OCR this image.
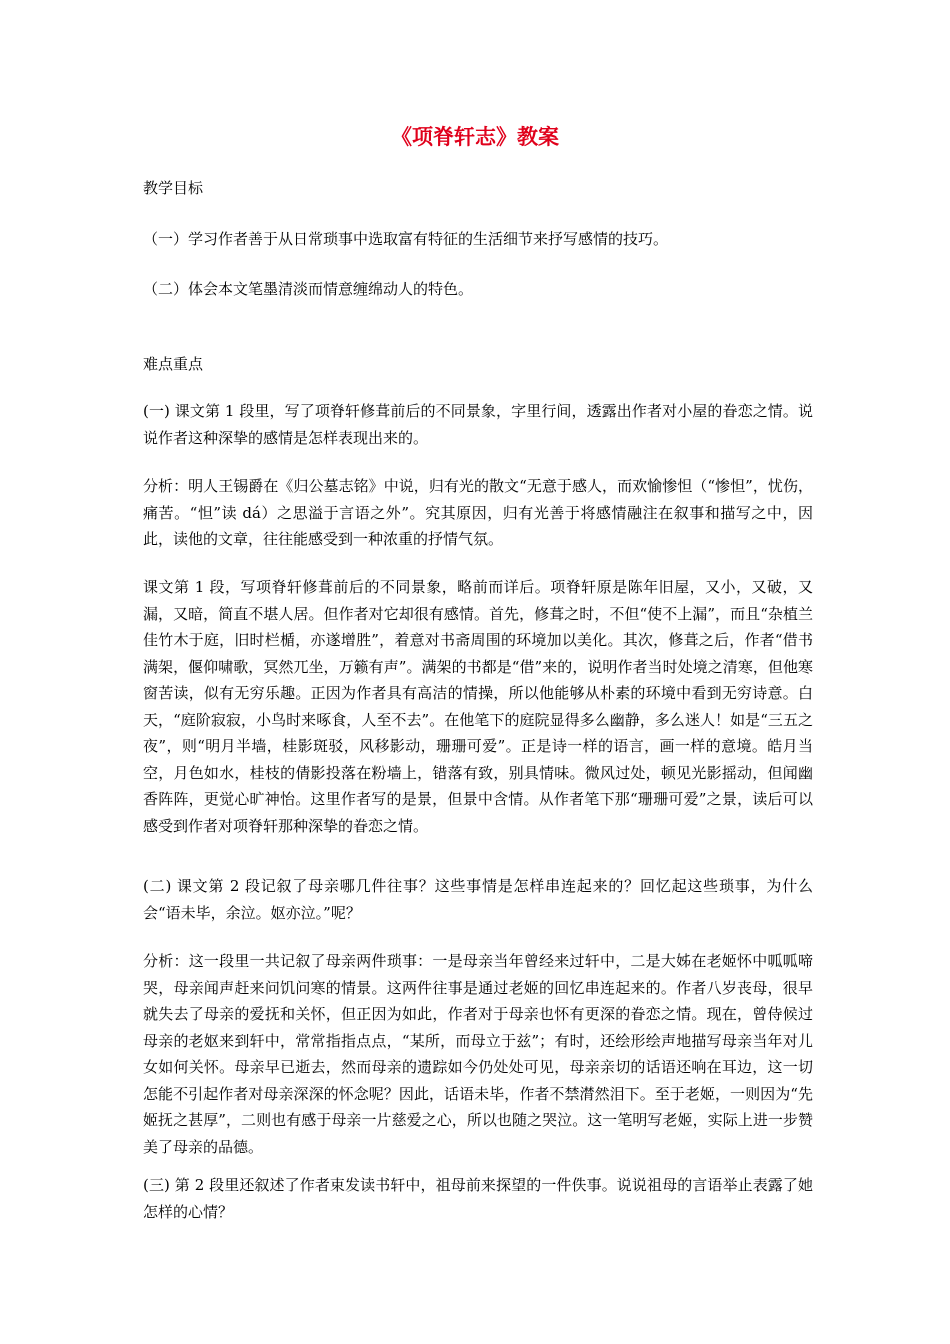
《项脊轩志》教案

教学目标

（一）学习作者善于从日常琐事中选取富有特征的生活细节来抒写感情的技巧。

（二）体会本文笔墨清淡而情意缠绵动人的特色。

难点重点

(一) 课文第 1 段里，写了项脊轩修葺前后的不同景象，字里行间，透露出作者对小屋的眷恋之情。说说作者这种深挚的感情是怎样表现出来的。

分析：明人王锡爵在《归公墓志铭》中说，归有光的散文“无意于感人，而欢愉惨怛（“惨怛”，忧伤，痛苦。“怛”读 dá）之思溢于言语之外”。究其原因，归有光善于将感情融注在叙事和描写之中，因此，读他的文章，往往能感受到一种浓重的抒情气氛。

课文第 1 段，写项脊轩修葺前后的不同景象，略前而详后。项脊轩原是陈年旧屋，又小，又破，又漏，又暗，简直不堪人居。但作者对它却很有感情。首先，修葺之时，不但“使不上漏”，而且“杂植兰佳竹木于庭，旧时栏楯，亦遂增胜”，着意对书斋周围的环境加以美化。其次，修葺之后，作者“借书满架，偃仰啸歌，冥然兀坐，万籁有声”。满架的书都是“借”来的，说明作者当时处境之清寒，但他寒窗苦读，似有无穷乐趣。正因为作者具有高洁的情操，所以他能够从朴素的环境中看到无穷诗意。白天，“庭阶寂寂，小鸟时来啄食，人至不去”。在他笔下的庭院显得多么幽静，多么迷人！如是“三五之夜”，则“明月半墙，桂影斑驳，风移影动，珊珊可爱”。正是诗一样的语言，画一样的意境。皓月当空，月色如水，桂枝的倩影投落在粉墙上，错落有致，别具情味。微风过处，顿见光影摇动，但闻幽香阵阵，更觉心旷神怡。这里作者写的是景，但景中含情。从作者笔下那“珊珊可爱”之景，读后可以感受到作者对项脊轩那种深挚的眷恋之情。

(二) 课文第 2 段记叙了母亲哪几件往事？这些事情是怎样串连起来的？回忆起这些琐事，为什么会“语未毕，余泣。妪亦泣。”呢？

分析：这一段里一共记叙了母亲两件琐事：一是母亲当年曾经来过轩中，二是大姊在老姬怀中呱呱啼哭，母亲闻声赶来问饥问寒的情景。这两件往事是通过老姬的回忆串连起来的。作者八岁丧母，很早就失去了母亲的爱抚和关怀，但正因为如此，作者对于母亲也怀有更深的眷恋之情。现在，曾侍候过母亲的老妪来到轩中，常常指指点点，“某所，而母立于兹”；有时，还绘形绘声地描写母亲当年对儿女如何关怀。母亲早已逝去，然而母亲的遗踪如今仍处处可见，母亲亲切的话语还响在耳边，这一切怎能不引起作者对母亲深深的怀念呢？因此，话语未毕，作者不禁潸然泪下。至于老姬，一则因为“先姬抚之甚厚”，二则也有感于母亲一片慈爱之心，所以也随之哭泣。这一笔明写老姬，实际上进一步赞美了母亲的品德。

(三) 第 2 段里还叙述了作者束发读书轩中，祖母前来探望的一件佚事。说说祖母的言语举止表露了她怎样的心情？
